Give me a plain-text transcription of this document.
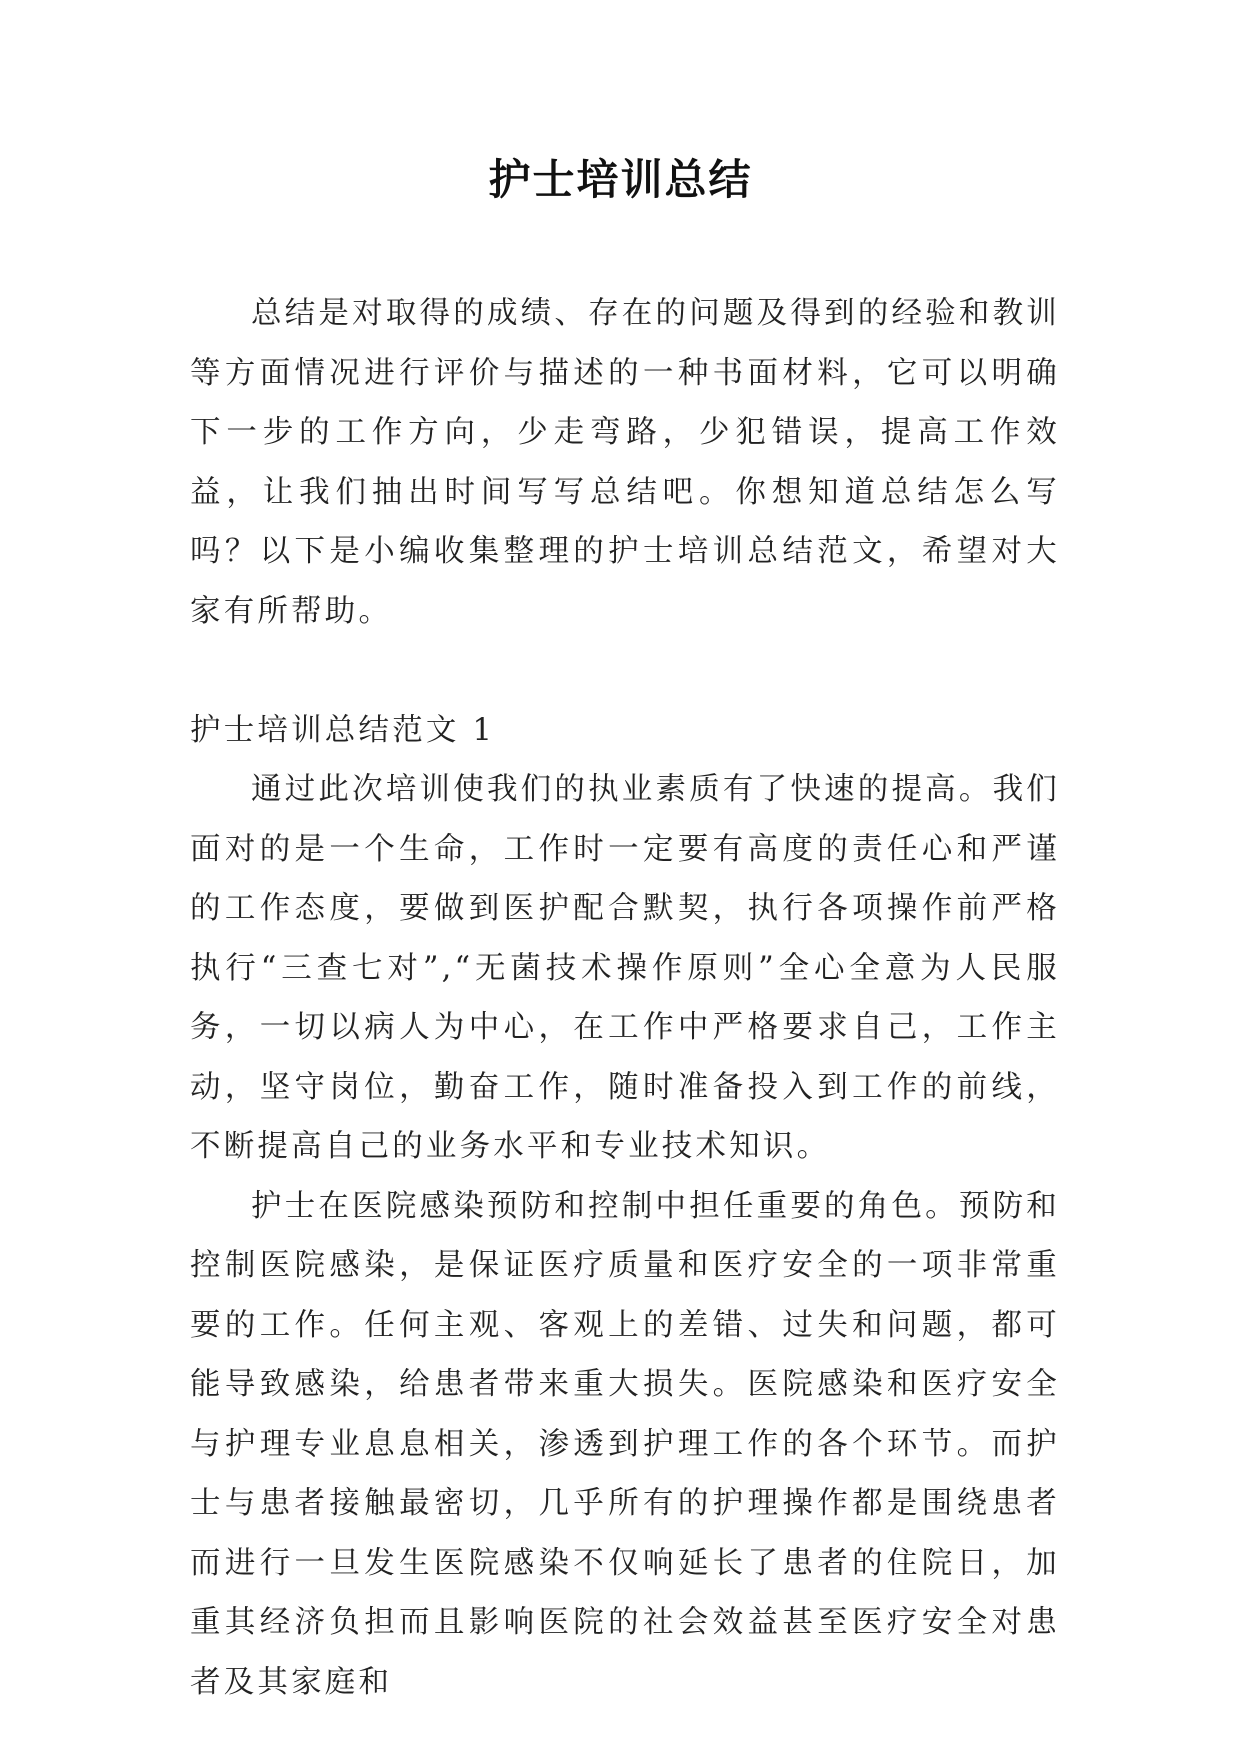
护士培训总结

总结是对取得的成绩、存在的问题及得到的经验和教训等方面情况进行评价与描述的一种书面材料，它可以明确下一步的工作方向，少走弯路，少犯错误，提高工作效益，让我们抽出时间写写总结吧。你想知道总结怎么写吗？以下是小编收集整理的护士培训总结范文，希望对大家有所帮助。

护士培训总结范文 1

通过此次培训使我们的执业素质有了快速的提高。我们面对的是一个生命，工作时一定要有高度的责任心和严谨的工作态度，要做到医护配合默契，执行各项操作前严格执行“三查七对”,“无菌技术操作原则”全心全意为人民服务，一切以病人为中心，在工作中严格要求自己，工作主动，坚守岗位，勤奋工作，随时准备投入到工作的前线，不断提高自己的业务水平和专业技术知识。

护士在医院感染预防和控制中担任重要的角色。预防和控制医院感染，是保证医疗质量和医疗安全的一项非常重要的工作。任何主观、客观上的差错、过失和问题，都可能导致感染，给患者带来重大损失。医院感染和医疗安全与护理专业息息相关，渗透到护理工作的各个环节。而护士与患者接触最密切，几乎所有的护理操作都是围绕患者而进行一旦发生医院感染不仅响延长了患者的住院日，加重其经济负担而且影响医院的社会效益甚至医疗安全对患者及其家庭和
